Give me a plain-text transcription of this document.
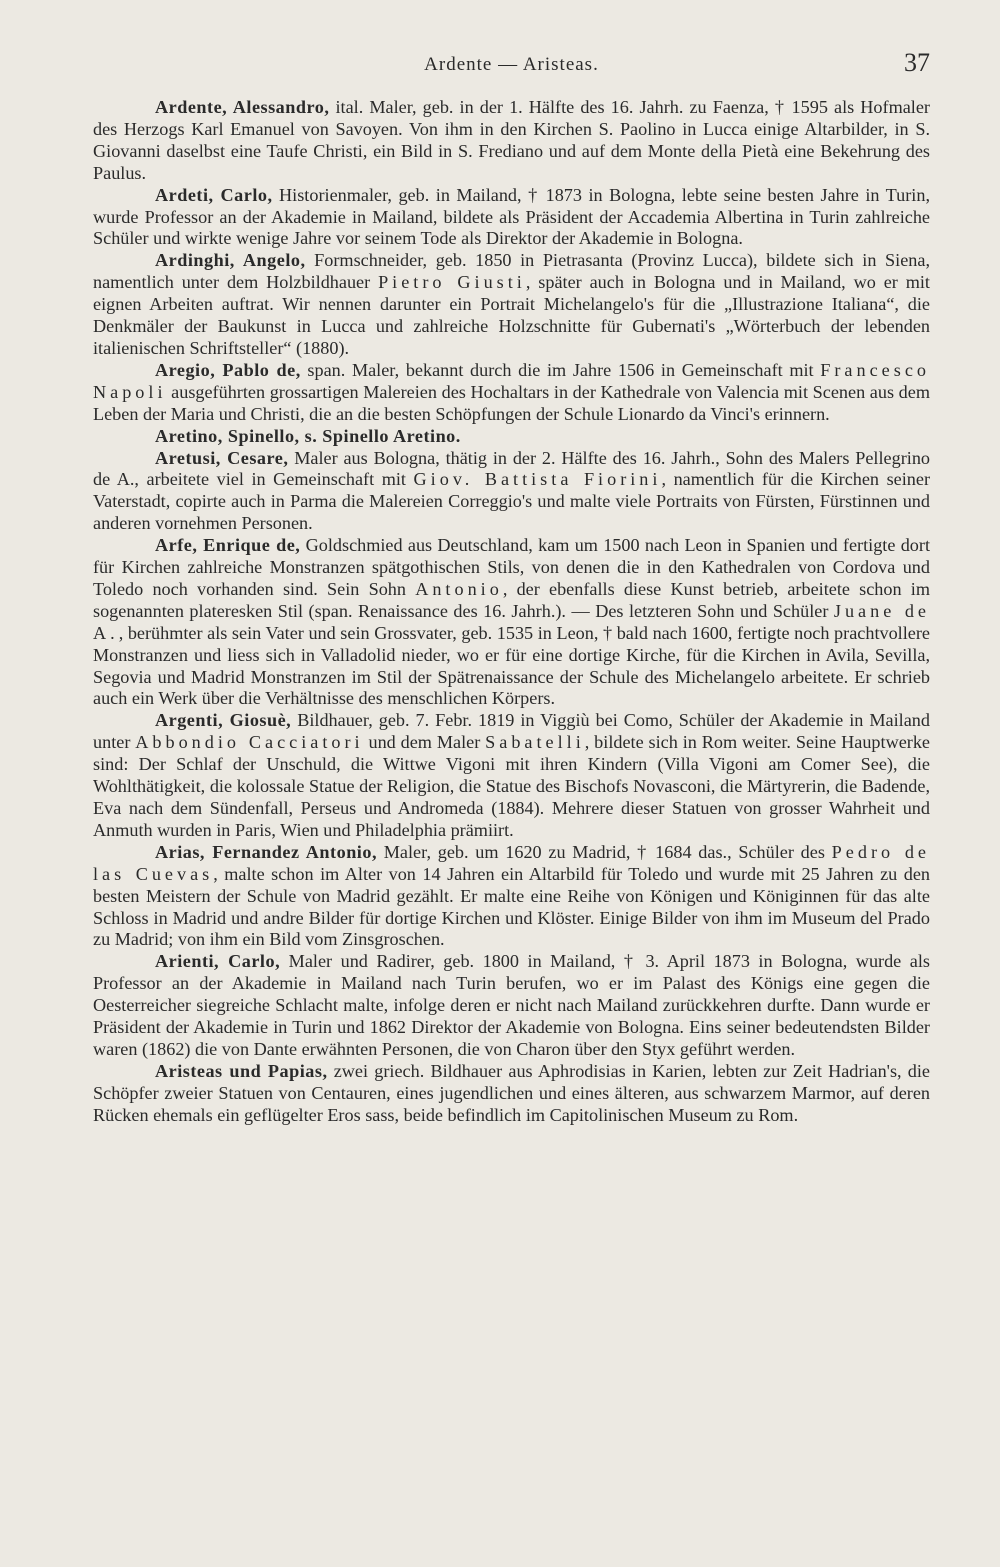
Ardente — Aristeas.	37

Ardente, Alessandro, ital. Maler, geb. in der 1. Hälfte des 16. Jahrh. zu Faenza, † 1595 als Hofmaler des Herzogs Karl Emanuel von Savoyen. Von ihm in den Kirchen S. Paolino in Lucca einige Altarbilder, in S. Giovanni daselbst eine Taufe Christi, ein Bild in S. Frediano und auf dem Monte della Pietà eine Bekehrung des Paulus.

Ardeti, Carlo, Historienmaler, geb. in Mailand, † 1873 in Bologna, lebte seine besten Jahre in Turin, wurde Professor an der Akademie in Mailand, bildete als Präsident der Accademia Albertina in Turin zahlreiche Schüler und wirkte wenige Jahre vor seinem Tode als Direktor der Akademie in Bologna.

Ardinghi, Angelo, Formschneider, geb. 1850 in Pietrasanta (Provinz Lucca), bildete sich in Siena, namentlich unter dem Holzbildhauer Pietro Giusti, später auch in Bologna und in Mailand, wo er mit eignen Arbeiten auftrat. Wir nennen darunter ein Portrait Michelangelo's für die „Illustrazione Italiana“, die Denkmäler der Baukunst in Lucca und zahlreiche Holzschnitte für Gubernati's „Wörterbuch der lebenden italienischen Schriftsteller“ (1880).

Aregio, Pablo de, span. Maler, bekannt durch die im Jahre 1506 in Gemeinschaft mit Francesco Napoli ausgeführten grossartigen Malereien des Hochaltars in der Kathedrale von Valencia mit Scenen aus dem Leben der Maria und Christi, die an die besten Schöpfungen der Schule Lionardo da Vinci's erinnern.

Aretino, Spinello, s. Spinello Aretino.

Aretusi, Cesare, Maler aus Bologna, thätig in der 2. Hälfte des 16. Jahrh., Sohn des Malers Pellegrino de A., arbeitete viel in Gemeinschaft mit Giov. Battista Fiorini, namentlich für die Kirchen seiner Vaterstadt, copirte auch in Parma die Malereien Correggio's und malte viele Portraits von Fürsten, Fürstinnen und anderen vornehmen Personen.

Arfe, Enrique de, Goldschmied aus Deutschland, kam um 1500 nach Leon in Spanien und fertigte dort für Kirchen zahlreiche Monstranzen spätgothischen Stils, von denen die in den Kathedralen von Cordova und Toledo noch vorhanden sind. Sein Sohn Antonio, der ebenfalls diese Kunst betrieb, arbeitete schon im sogenannten plateresken Stil (span. Renaissance des 16. Jahrh.). — Des letzteren Sohn und Schüler Juane de A., berühmter als sein Vater und sein Grossvater, geb. 1535 in Leon, † bald nach 1600, fertigte noch prachtvollere Monstranzen und liess sich in Valladolid nieder, wo er für eine dortige Kirche, für die Kirchen in Avila, Sevilla, Segovia und Madrid Monstranzen im Stil der Spätrenaissance der Schule des Michelangelo arbeitete. Er schrieb auch ein Werk über die Verhältnisse des menschlichen Körpers.

Argenti, Giosuè, Bildhauer, geb. 7. Febr. 1819 in Viggiù bei Como, Schüler der Akademie in Mailand unter Abbondio Cacciatori und dem Maler Sabatelli, bildete sich in Rom weiter. Seine Hauptwerke sind: Der Schlaf der Unschuld, die Wittwe Vigoni mit ihren Kindern (Villa Vigoni am Comer See), die Wohlthätigkeit, die kolossale Statue der Religion, die Statue des Bischofs Novasconi, die Märtyrerin, die Badende, Eva nach dem Sündenfall, Perseus und Andromeda (1884). Mehrere dieser Statuen von grosser Wahrheit und Anmuth wurden in Paris, Wien und Philadelphia prämiirt.

Arias, Fernandez Antonio, Maler, geb. um 1620 zu Madrid, † 1684 das., Schüler des Pedro de las Cuevas, malte schon im Alter von 14 Jahren ein Altarbild für Toledo und wurde mit 25 Jahren zu den besten Meistern der Schule von Madrid gezählt. Er malte eine Reihe von Königen und Königinnen für das alte Schloss in Madrid und andre Bilder für dortige Kirchen und Klöster. Einige Bilder von ihm im Museum del Prado zu Madrid; von ihm ein Bild vom Zinsgroschen.

Arienti, Carlo, Maler und Radirer, geb. 1800 in Mailand, † 3. April 1873 in Bologna, wurde als Professor an der Akademie in Mailand nach Turin berufen, wo er im Palast des Königs eine gegen die Oesterreicher siegreiche Schlacht malte, infolge deren er nicht nach Mailand zurückkehren durfte. Dann wurde er Präsident der Akademie in Turin und 1862 Direktor der Akademie von Bologna. Eins seiner bedeutendsten Bilder waren (1862) die von Dante erwähnten Personen, die von Charon über den Styx geführt werden.

Aristeas und Papias, zwei griech. Bildhauer aus Aphrodisias in Karien, lebten zur Zeit Hadrian's, die Schöpfer zweier Statuen von Centauren, eines jugendlichen und eines älteren, aus schwarzem Marmor, auf deren Rücken ehemals ein geflügelter Eros sass, beide befindlich im Capitolinischen Museum zu Rom.
